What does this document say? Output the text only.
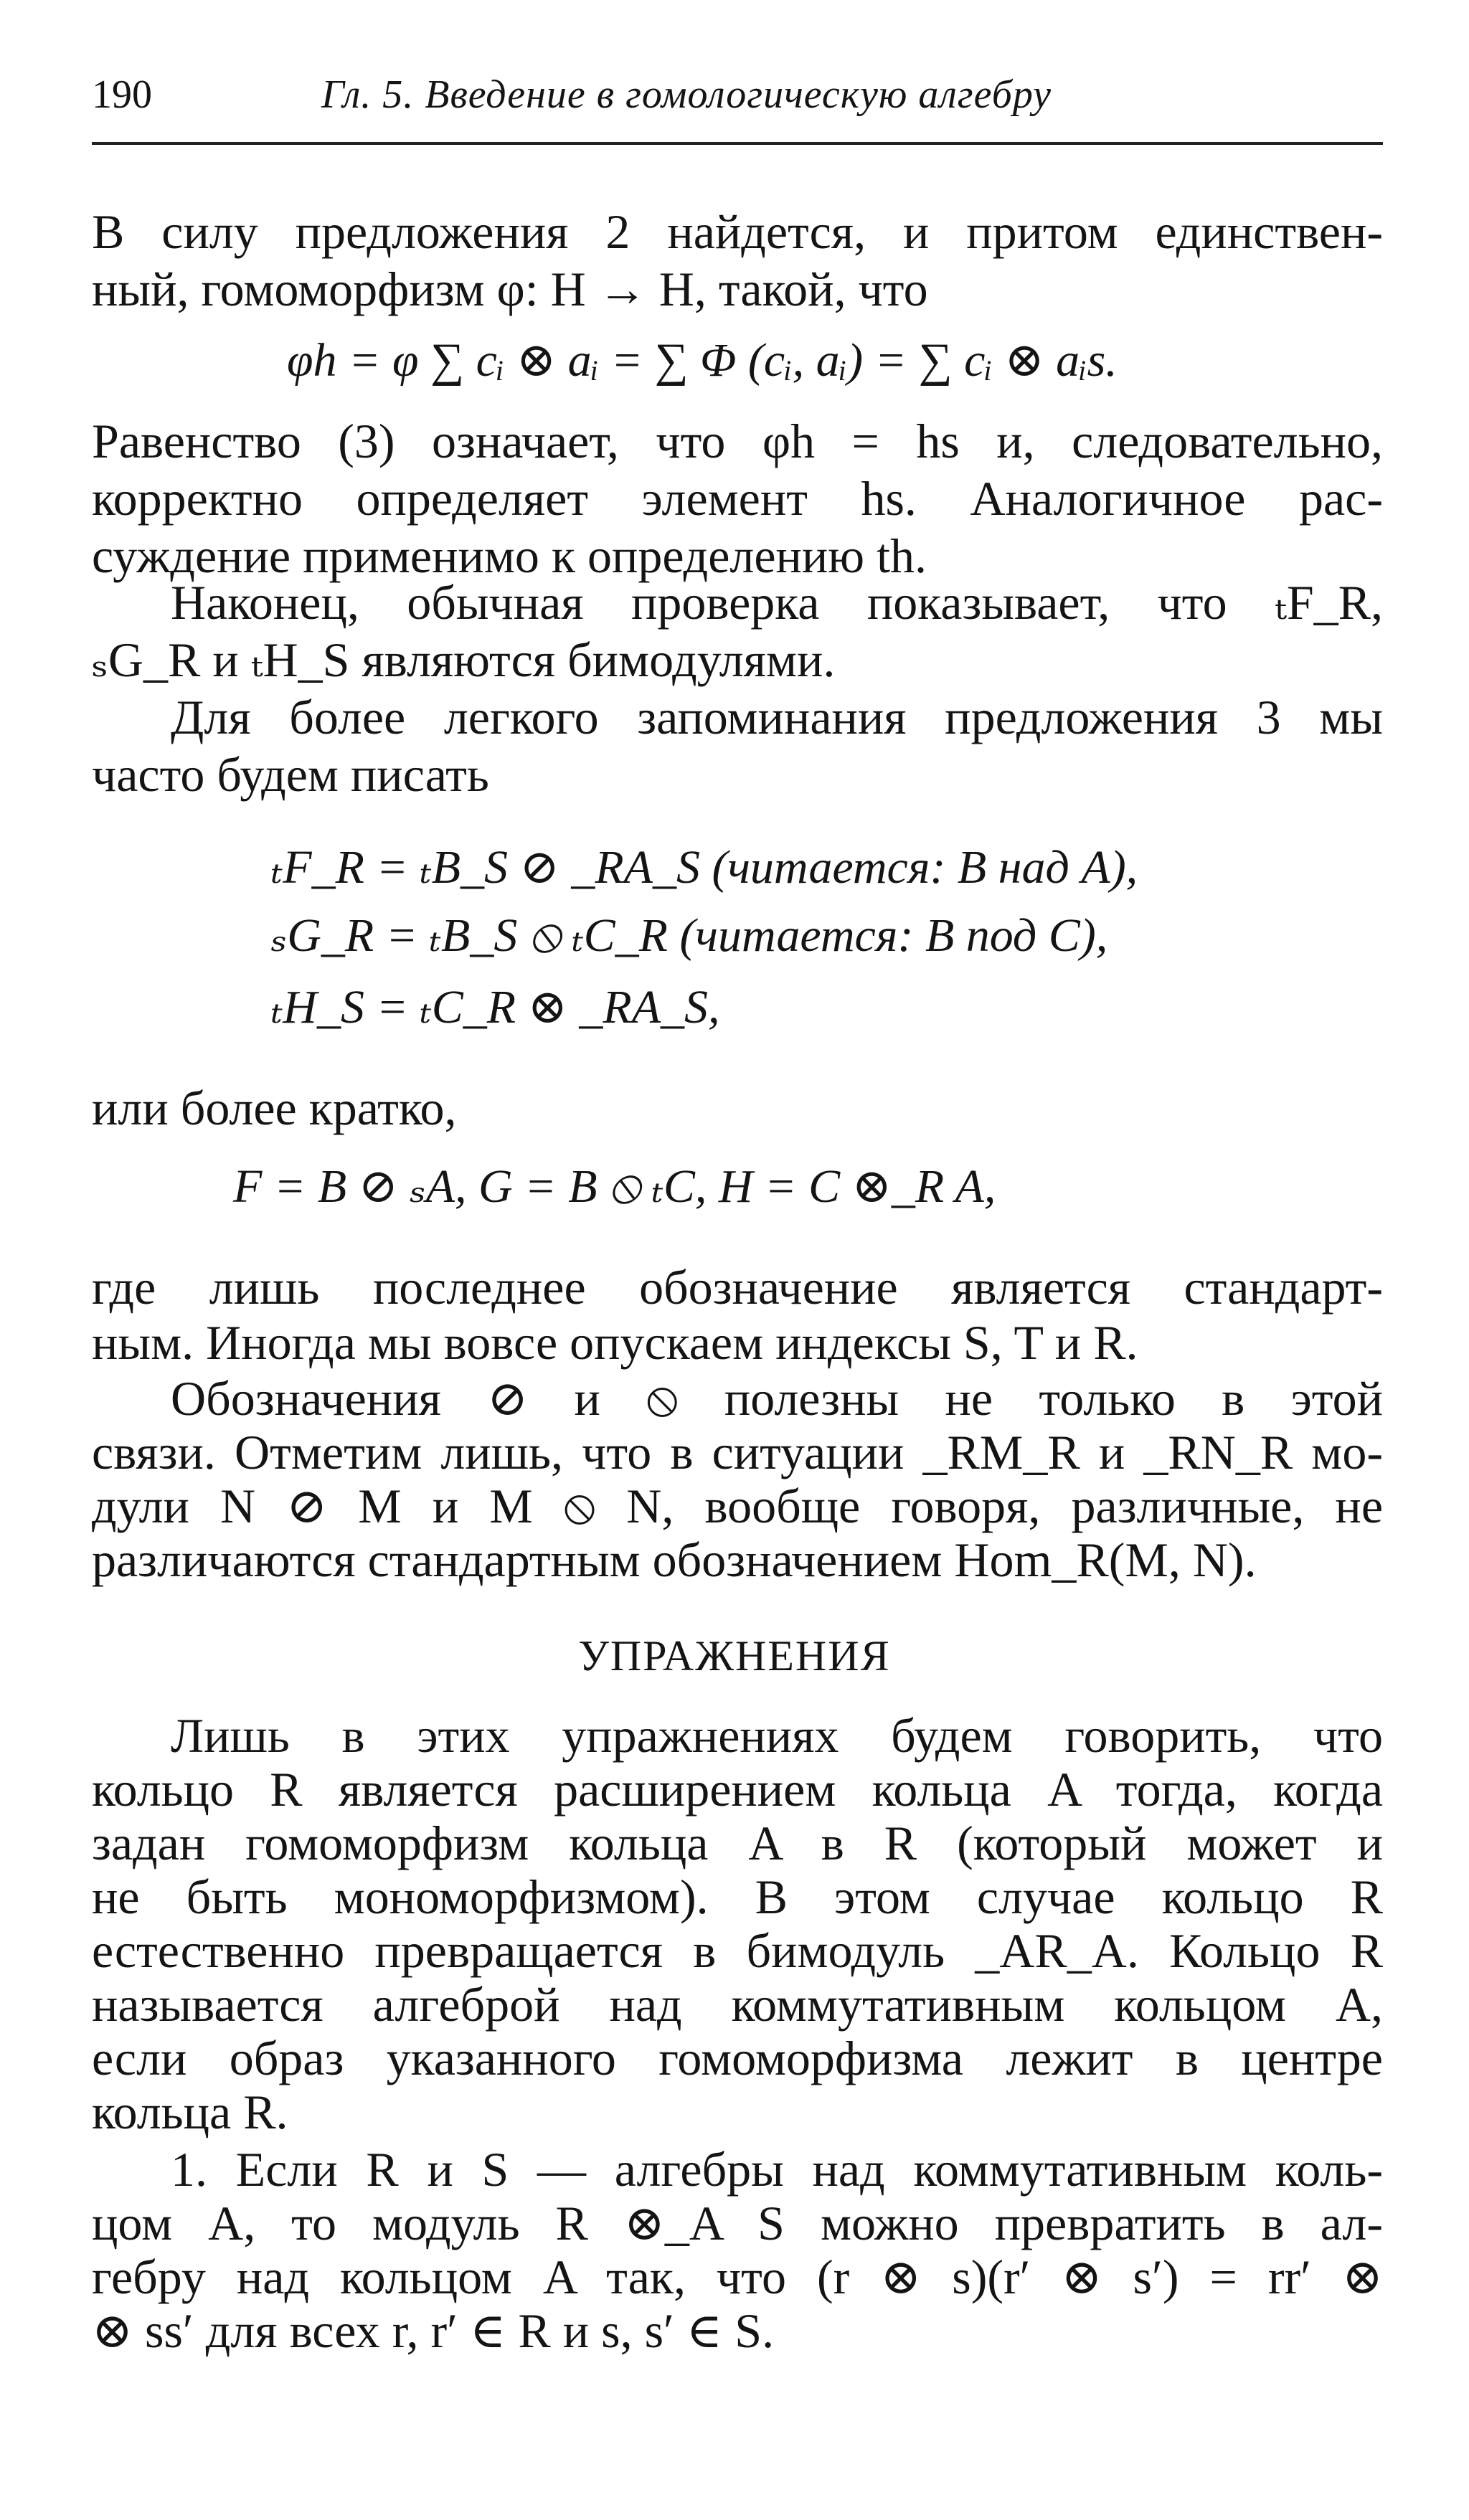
190	Гл. 5. Введение в гомологическую алгебру
В силу предложения 2 найдется, и притом единствен-
ный, гомоморфизм φ: H → H, такой, что
φh = φ ∑ cᵢ ⊗ aᵢ = ∑ Φ (cᵢ, aᵢ) = ∑ cᵢ ⊗ aᵢs.
Равенство (3) означает, что φh = hs и, следовательно,
корректно определяет элемент hs. Аналогичное рас-
суждение применимо к определению th.
Наконец, обычная проверка показывает, что ₜF_R,
ₛG_R и ₜH_S являются бимодулями.
Для более легкого запоминания предложения 3 мы
часто будем писать
ₜF_R = ₜB_S ⊘ _RA_S (читается: B над A),
ₛG_R = ₜB_S ⦸ ₜC_R (читается: B под C),
ₜH_S = ₜC_R ⊗ _RA_S,
или более кратко,
F = B ⊘ ₛA, G = B ⦸ ₜC, H = C ⊗_R A,
где лишь последнее обозначение является стандарт-
ным. Иногда мы вовсе опускаем индексы S, T и R.
Обозначения ⊘ и ⦸ полезны не только в этой
связи. Отметим лишь, что в ситуации _RM_R и _RN_R мо-
дули N ⊘ M и M ⦸ N, вообще говоря, различные, не
различаются стандартным обозначением Hom_R(M, N).
УПРАЖНЕНИЯ
Лишь в этих упражнениях будем говорить, что
кольцо R является расширением кольца A тогда, когда
задан гомоморфизм кольца A в R (который может и
не быть мономорфизмом). В этом случае кольцо R
естественно превращается в бимодуль _AR_A. Кольцо R
называется алгеброй над коммутативным кольцом A,
если образ указанного гомоморфизма лежит в центре
кольца R.
1. Если R и S — алгебры над коммутативным коль-
цом A, то модуль R ⊗_A S можно превратить в ал-
гебру над кольцом A так, что (r ⊗ s)(r′ ⊗ s′) = rr′ ⊗
⊗ ss′ для всех r, r′ ∈ R и s, s′ ∈ S.
